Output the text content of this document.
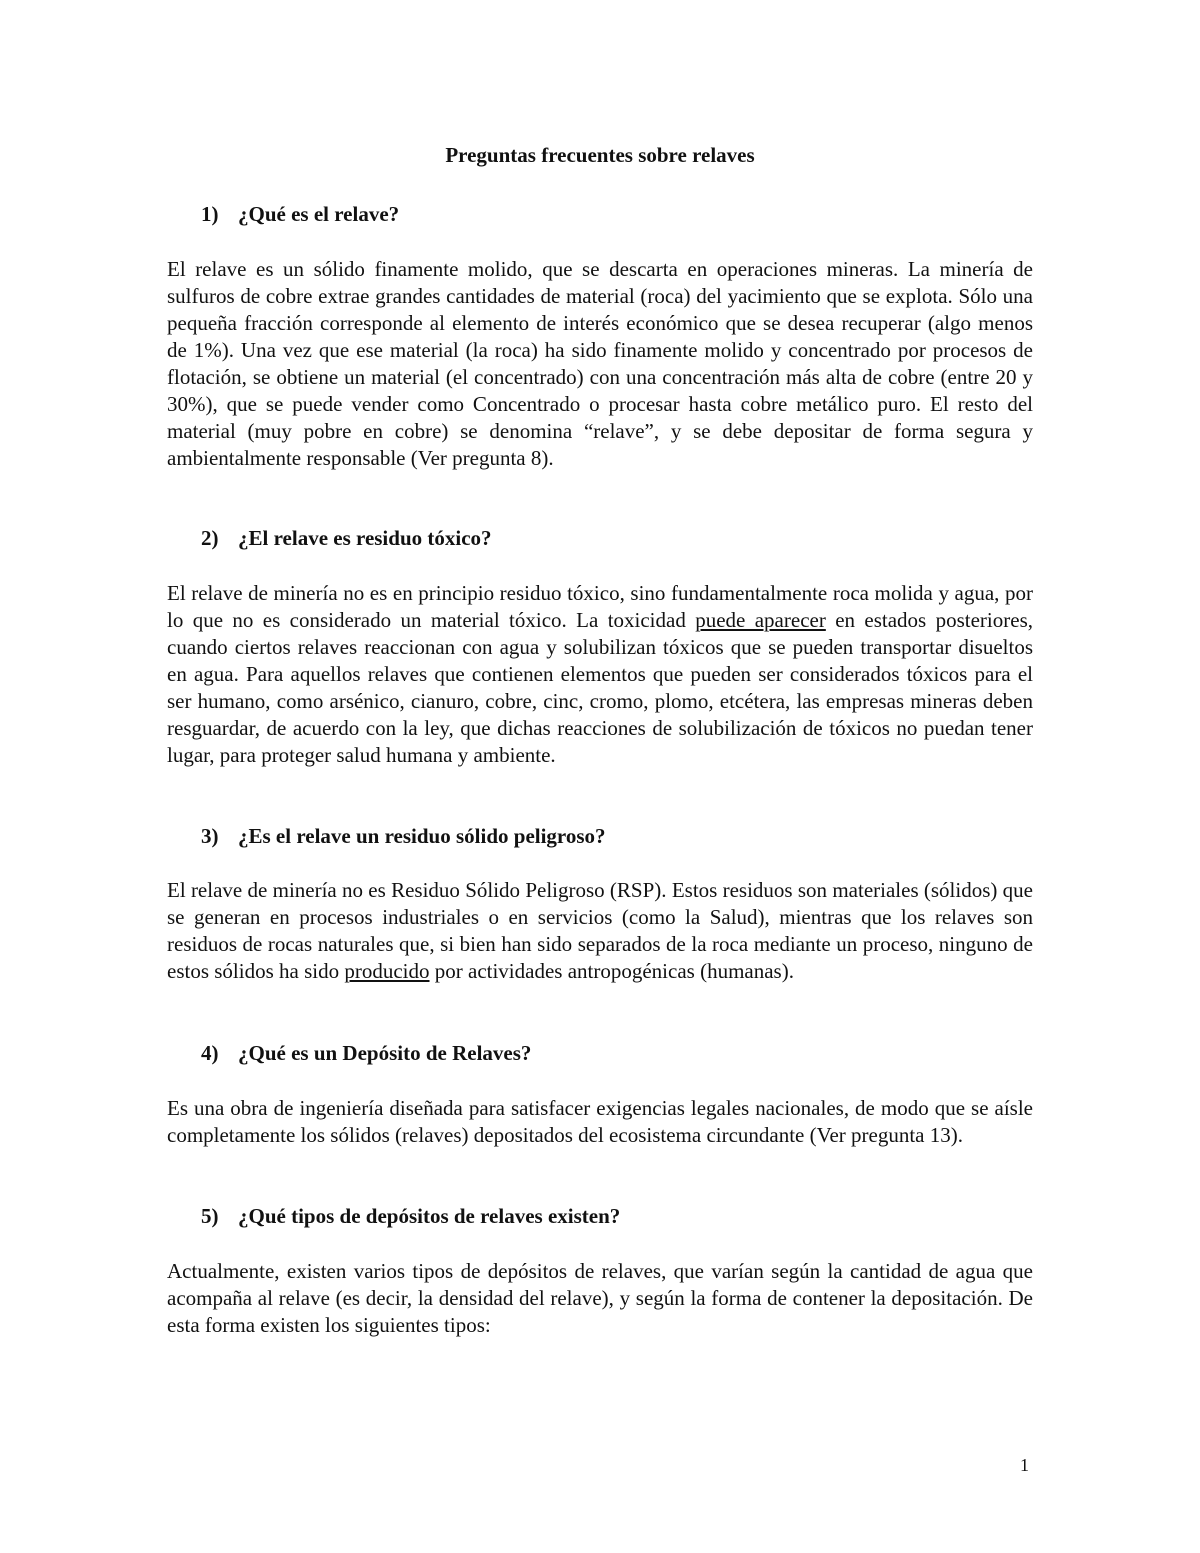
Preguntas frecuentes sobre relaves
1) ¿Qué es el relave?

El relave es un sólido finamente molido, que se descarta en operaciones mineras. La minería de sulfuros de cobre extrae grandes cantidades de material (roca) del yacimiento que se explota. Sólo una pequeña fracción corresponde al elemento de interés económico que se desea recuperar (algo menos de 1%). Una vez que ese material (la roca) ha sido finamente molido y concentrado por procesos de flotación, se obtiene un material (el concentrado) con una concentración más alta de cobre (entre 20 y 30%), que se puede vender como Concentrado o procesar hasta cobre metálico puro. El resto del material (muy pobre en cobre) se denomina “relave”, y se debe depositar de forma segura y ambientalmente responsable (Ver pregunta 8).

2) ¿El relave es residuo tóxico?

El relave de minería no es en principio residuo tóxico, sino fundamentalmente roca molida y agua, por lo que no es considerado un material tóxico. La toxicidad puede aparecer en estados posteriores, cuando ciertos relaves reaccionan con agua y solubilizan tóxicos que se pueden transportar disueltos en agua. Para aquellos relaves que contienen elementos que pueden ser considerados tóxicos para el ser humano, como arsénico, cianuro, cobre, cinc, cromo, plomo, etcétera, las empresas mineras deben resguardar, de acuerdo con la ley, que dichas reacciones de solubilización de tóxicos no puedan tener lugar, para proteger salud humana y ambiente.

3) ¿Es el relave un residuo sólido peligroso?

El relave de minería no es Residuo Sólido Peligroso (RSP). Estos residuos son materiales (sólidos) que se generan en procesos industriales o en servicios (como la Salud), mientras que los relaves son residuos de rocas naturales que, si bien han sido separados de la roca mediante un proceso, ninguno de estos sólidos ha sido producido por actividades antropogénicas (humanas).

4) ¿Qué es un Depósito de Relaves?

Es una obra de ingeniería diseñada para satisfacer exigencias legales nacionales, de modo que se aísle completamente los sólidos (relaves) depositados del ecosistema circundante (Ver pregunta 13).

5) ¿Qué tipos de depósitos de relaves existen?

Actualmente, existen varios tipos de depósitos de relaves, que varían según la cantidad de agua que acompaña al relave (es decir, la densidad del relave), y según la forma de contener la depositación. De esta forma existen los siguientes tipos:

1
